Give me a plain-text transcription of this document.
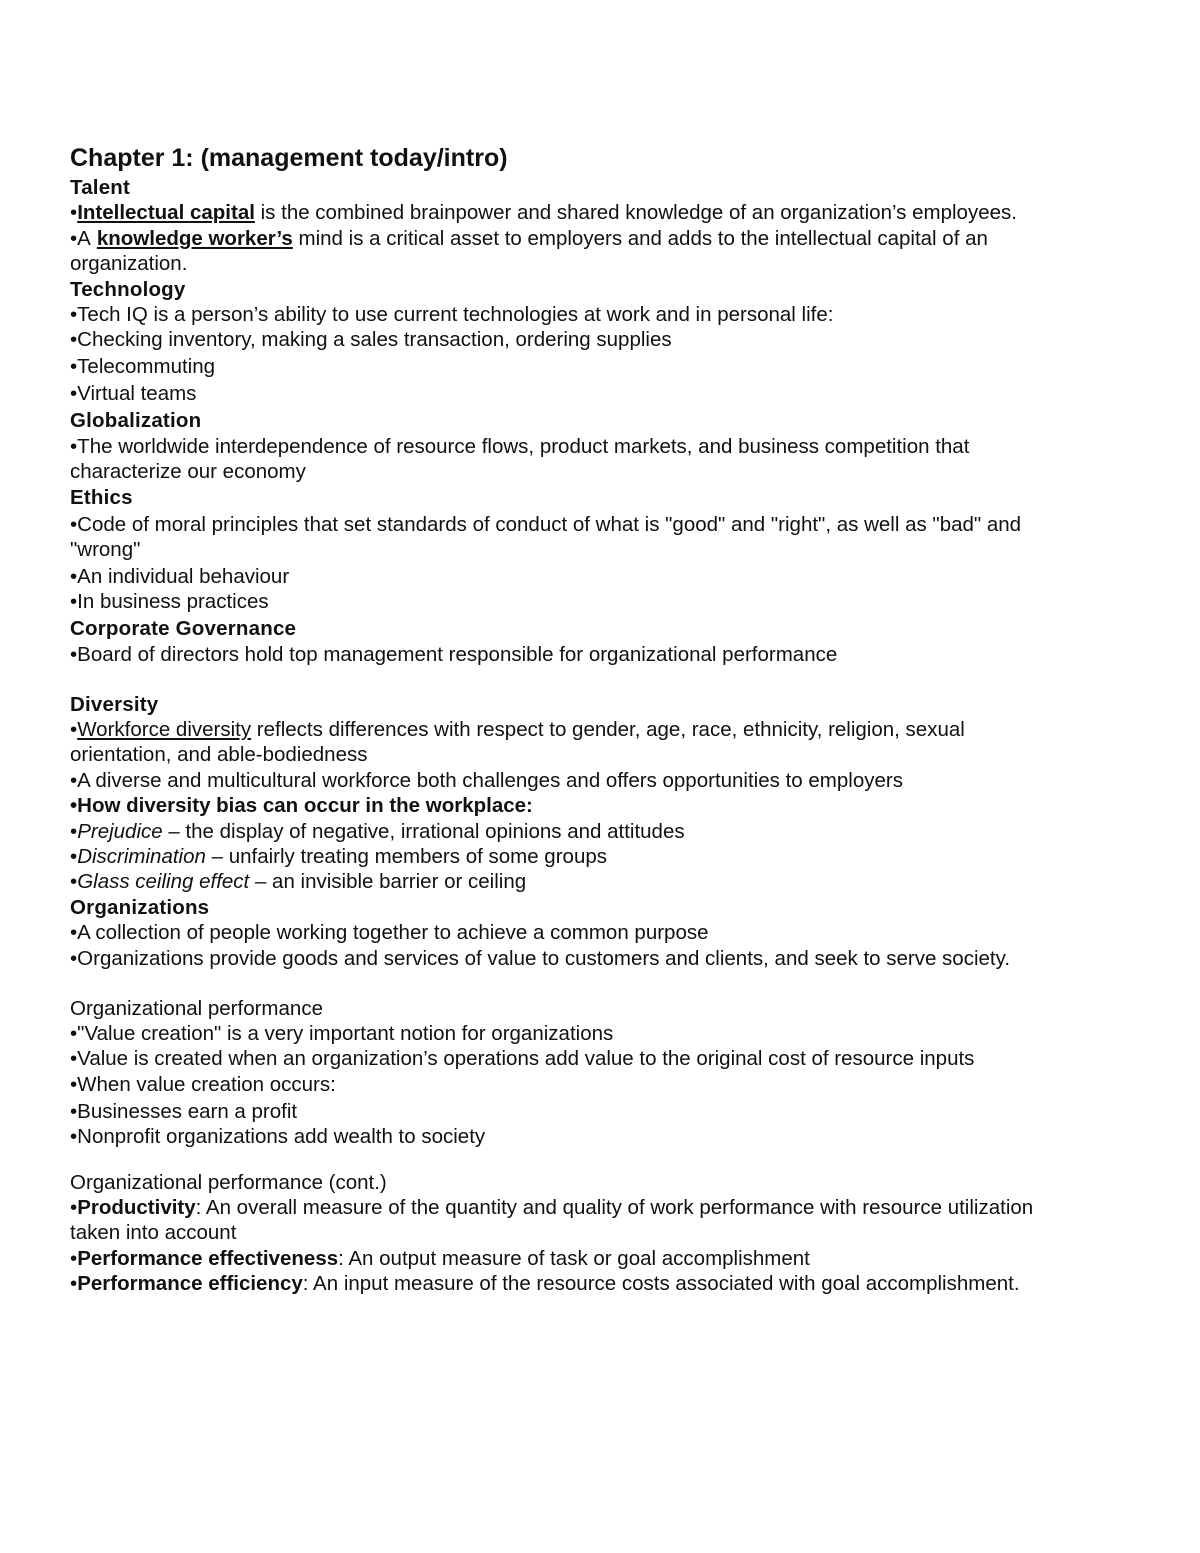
Chapter 1: (management today/intro)
Talent
•Intellectual capital is the combined brainpower and shared knowledge of an organization’s employees.
•A knowledge worker’s mind is a critical asset to employers and adds to the intellectual capital of an
organization.
Technology
•Tech IQ is a person’s ability to use current technologies at work and in personal life:
•Checking inventory, making a sales transaction, ordering supplies
•Telecommuting
•Virtual teams
Globalization
•The worldwide interdependence of resource flows, product markets, and business competition that
characterize our economy
Ethics
•Code of moral principles that set standards of conduct of what is "good" and "right", as well as "bad" and
"wrong"
•An individual behaviour
•In business practices
Corporate Governance
•Board of directors hold top management responsible for organizational performance
Diversity
•Workforce diversity reflects differences with respect to gender, age, race, ethnicity, religion, sexual
orientation, and able-bodiedness
•A diverse and multicultural workforce both challenges and offers opportunities to employers
•How diversity bias can occur in the workplace:
•Prejudice – the display of negative, irrational opinions and attitudes
•Discrimination – unfairly treating members of some groups
•Glass ceiling effect – an invisible barrier or ceiling
Organizations
•A collection of people working together to achieve a common purpose
•Organizations provide goods and services of value to customers and clients, and seek to serve society.
Organizational performance
•"Value creation" is a very important notion for organizations
•Value is created when an organization’s operations add value to the original cost of resource inputs
•When value creation occurs:
•Businesses earn a profit
•Nonprofit organizations add wealth to society
Organizational performance (cont.)
•Productivity: An overall measure of the quantity and quality of work performance with resource utilization
taken into account
•Performance effectiveness: An output measure of task or goal accomplishment
•Performance efficiency: An input measure of the resource costs associated with goal accomplishment.
